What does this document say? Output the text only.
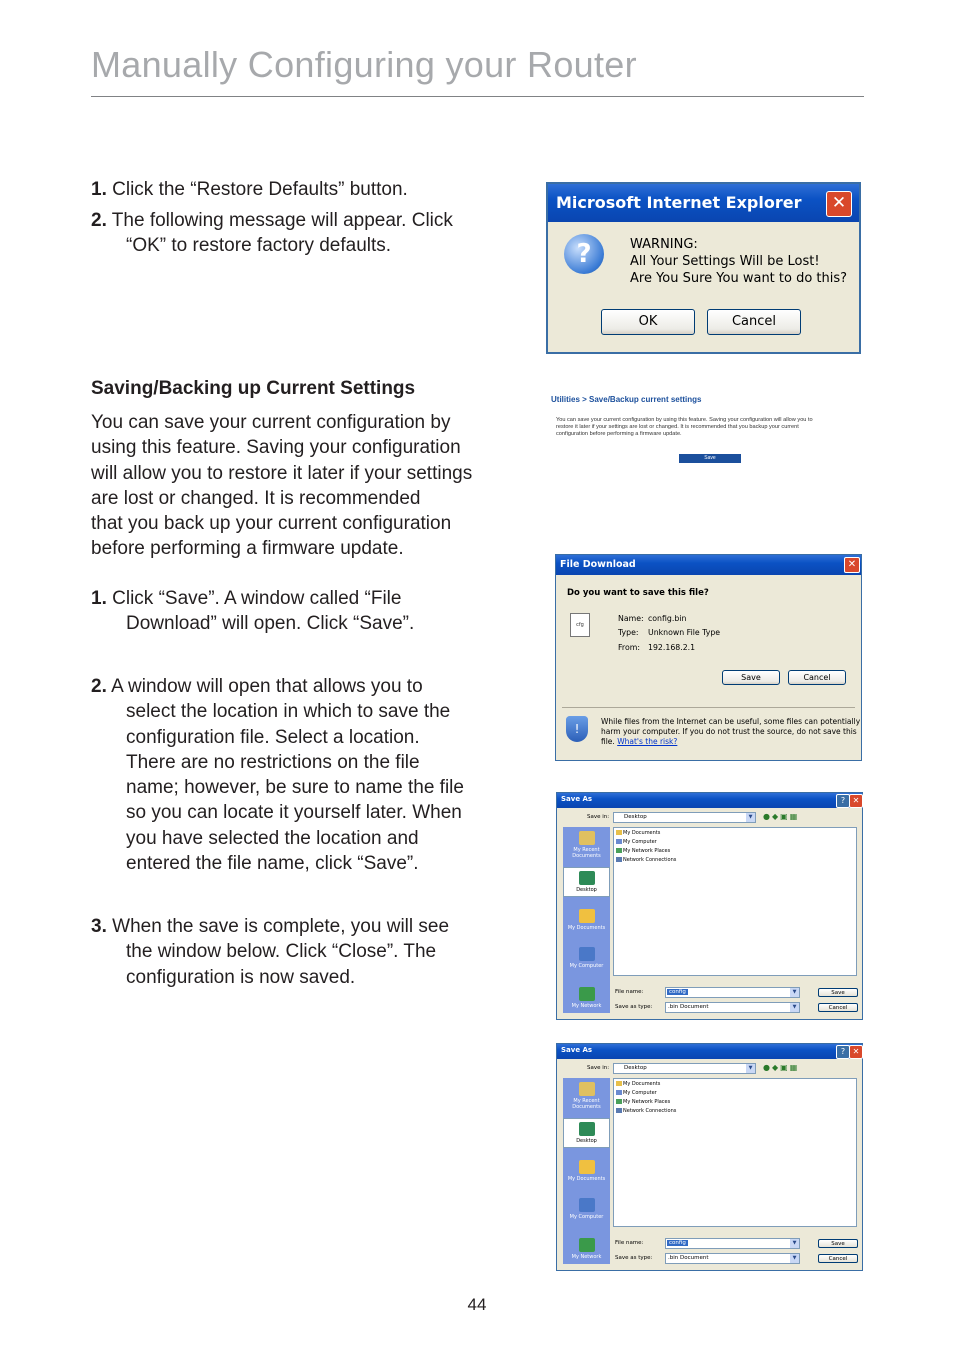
Manually Configuring your Router
1. Click the “Restore Defaults” button.
2. The following message will appear. Click
“OK” to restore factory defaults.
Saving/Backing up Current Settings
You can save your current configuration by
using this feature. Saving your configuration
will allow you to restore it later if your settings
are lost or changed. It is recommended
that you back up your current configuration
before performing a firmware update.
1. Click “Save”. A window called “File
Download” will open. Click “Save”.
2. A window will open that allows you to
select the location in which to save the
configuration file. Select a location.
There are no restrictions on the file
name; however, be sure to name the file
so you can locate it yourself later. When
you have selected the location and
entered the file name, click “Save”.
3. When the save is complete, you will see
the window below. Click “Close”. The
configuration is now saved.
Microsoft Internet Explorer	✕
?	WARNING:
All Your Settings Will be Lost!
Are You Sure You want to do this?
OK	Cancel
Utilities > Save/Backup current settings
You can save your current configuration by using this feature. Saving your configuration will allow you to
restore it later if your settings are lost or changed. It is recommended that you backup your current
configuration before performing a firmware update.
Save
File Download	✕
Do you want to save this file?
cfg
Name: config.bin
Type: Unknown File Type
From: 192.168.2.1
Save	Cancel
!
While files from the Internet can be useful, some files can potentially
harm your computer. If you do not trust the source, do not save this
file. What's the risk?
Save As	? ✕
Save in:	Desktop	▼	●◆▣▦
My Recent Documents
Desktop
My Documents
My Computer
My Network
My Documents
My Computer
My Network Places
Network Connections
File name:	config	▼
Save as type:	.bin Document	▼
Save
Cancel
Save As	? ✕
Save in:	Desktop	▼	●◆▣▦
My Recent Documents
Desktop
My Documents
My Computer
My Network
My Documents
My Computer
My Network Places
Network Connections
File name:	config	▼
Save as type:	.bin Document	▼
Save
Cancel
44
